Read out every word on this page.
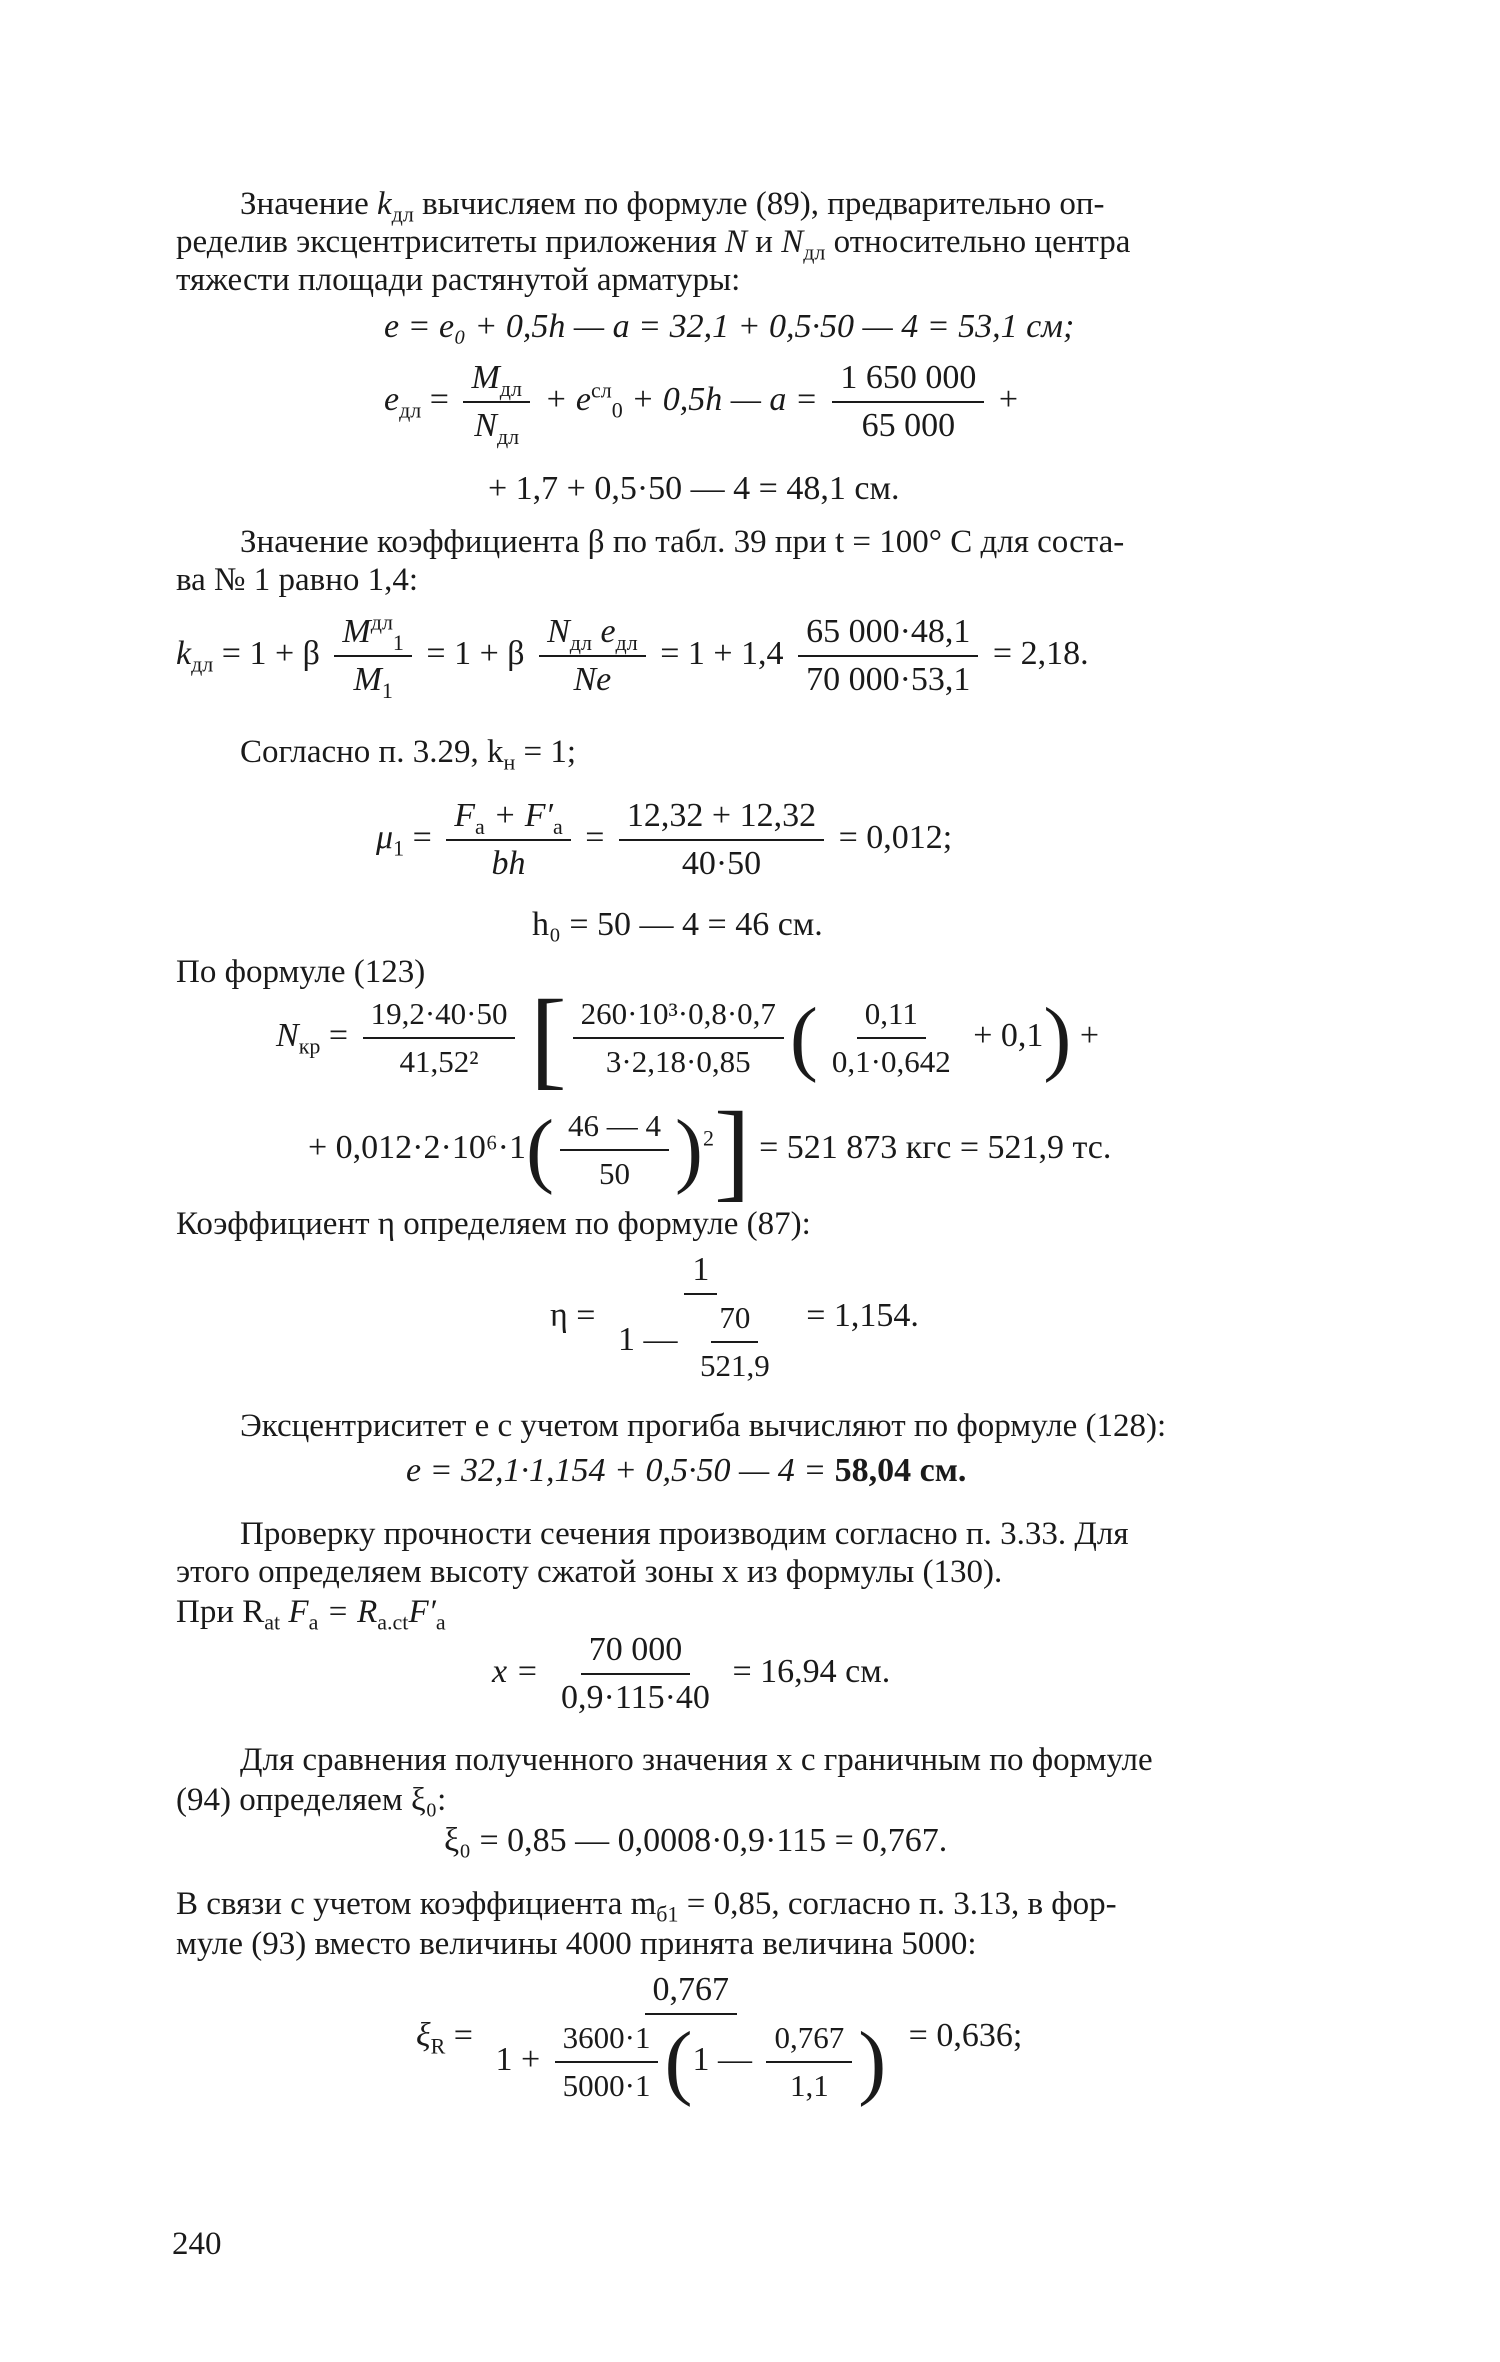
Значение $k_{дл}$ вычисляем по формуле (89), предварительно оп-
ределив эксцентриситеты приложения N и $N_{дл}$ относительно центра
тяжести площади растянутой арматуры:
e = e₀ + 0,5h — a = 32,1 + 0,5·50 — 4 = 53,1 см;
$e_{дл} = \frac{M_{дл}}{N_{дл}} + e^{сл}_0 + 0,5h$ — $a = \frac{1 650 000}{65 000}$ +
+ 1,7 + 0,5·50 — 4 = 48,1 см.
Значение коэффициента β по табл. 39 при t = 100° С для соста-
ва № 1 равно 1,4:
$k_{дл} = 1 + \beta \frac{M^{дл}_1}{M_1} = 1 + \beta \frac{N_{дл} e_{дл}}{Ne} = 1 + 1,4 \frac{65 000\cdot 48,1}{70 000\cdot 53,1} = 2,18$.
Согласно п. 3.29, $k_н = 1$;
$\mu_1 = \frac{F_a + F'_a}{bh} = \frac{12,32 + 12,32}{40\cdot 50} = 0,012$;
h₀ = 50 — 4 = 46 см.
По формуле (123)
$N_{кр} = \frac{19,2\cdot 40\cdot 50}{\text{41,52²}}$ [ $\frac{\text{260·10³·0,8·0,7}}{3\cdot 2,18\cdot 0,85}$ ( $\frac{0,11}{0,1\cdot 0,642} + 0,1$) +
+ $0,012\cdot 2\cdot 10^6\cdot 1( \frac{46 — 4}{50} )^2] = 521$ 873 кгс = 521,9 тс.
Коэффициент η определяем по формуле (87):
$\eta = \frac{1}{1 — \frac{70}{521,9}} = 1,154$.
Эксцентриситет e с учетом прогиба вычисляют по формуле (128):
e = 32,1·1,154 + 0,5·50 — 4 = 58,04 см.
Проверку прочности сечения производим согласно п. 3.33. Для
этого определяем высоту сжатой зоны x из формулы (130).
При $R_{at}$ $F_a = R_{a.ct}F'_a$
$x = \frac{70 000}{0,9\cdot 115\cdot 40} = 16,94$ см.
Для сравнения полученного значения x с граничным по формуле
(94) определяем ξ₀:
ξ₀ = 0,85 — 0,0008·0,9·115 = 0,767.
В связи с учетом коэффициента $m_{б1} = 0,85$, согласно п. 3.13, в фор-
муле (93) вместо величины 4000 принята величина 5000:
$\xi_R = \frac{0,767}{1 + \frac{3600\cdot 1}{5000\cdot 1} (1 — \frac{0,767}{1,1} )} = 0,636$;
240
